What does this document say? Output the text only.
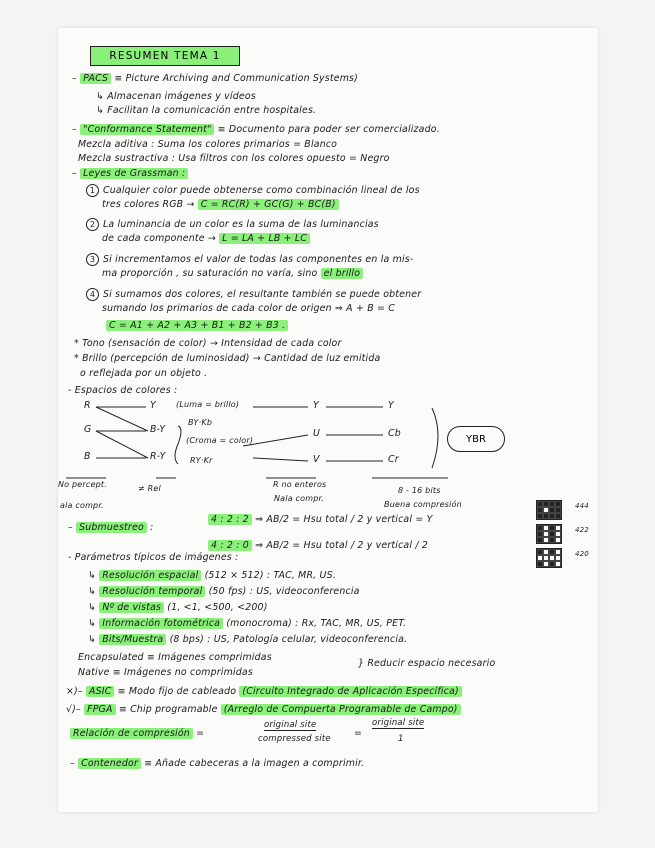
RESUMEN TEMA 1
– PACS ≡ Picture Archiving and Communication Systems)
↳ Almacenan imágenes y vídeos
↳ Facilitan la comunicación entre hospitales.
– "Conformance Statement" ≡ Documento para poder ser comercializado.
Mezcla aditiva : Suma los colores primarios = Blanco
Mezcla sustractiva : Usa filtros con los colores opuesto = Negro
– Leyes de Grassman :
1 Cualquier color puede obtenerse como combinación lineal de los
tres colores RGB → C = RC(R) + GC(G) + BC(B)
2 La luminancia de un color es la suma de las luminancias
de cada componente → L = LA + LB + LC
3 Si incrementamos el valor de todas las componentes en la mis-
ma proporción , su saturación no varía, sino el brillo
4 Si sumamos dos colores, el resultante también se puede obtener
sumando los primarios de cada color de origen ⇒ A + B = C
C = A1 + A2 + A3 + B1 + B2 + B3 .
* Tono (sensación de color) → Intensidad de cada color
* Brillo (percepción de luminosidad) → Cantidad de luz emitida
o reflejada por un objeto .
- Espacios de colores :
R
G
B
Y
B-Y
R-Y
(Luma = brillo)
BY·Kb
(Croma = color)
RY·Kr
Y
U
V
Y
Cb
Cr
YBR
No percept.
ala compr.
≠ Rel	R no enteros
Nala compr.
8 - 16 bits
Buena compresión
– Submuestreo :
4 : 2 : 2 ⇒ AB/2 = Hsu total / 2 y vertical = Y
4 : 2 : 0 ⇒ AB/2 = Hsu total / 2 y vertical / 2
444
422
420
- Parámetros típicos de imágenes :
↳ Resolución espacial (512 × 512) : TAC, MR, US.
↳ Resolución temporal (50 fps) : US, videoconferencia
↳ Nº de vistas (1, <1, <500, <200)
↳ Información fotométrica (monocroma) : Rx, TAC, MR, US, PET.
↳ Bits/Muestra (8 bps) : US, Patología celular, videoconferencia.
Encapsulated ≡ Imágenes comprimidas
Native ≡ Imágenes no comprimidas
} Reducir espacio necesario
×)– ASIC ≡ Modo fijo de cableado (Circuito Integrado de Aplicación Específica)
√)– FPGA ≡ Chip programable (Arreglo de Compuerta Programable de Campo)
Relación de compresión =
original site
compressed site =
original site
1
– Contenedor ≡ Añade cabeceras a la imagen a comprimir.
